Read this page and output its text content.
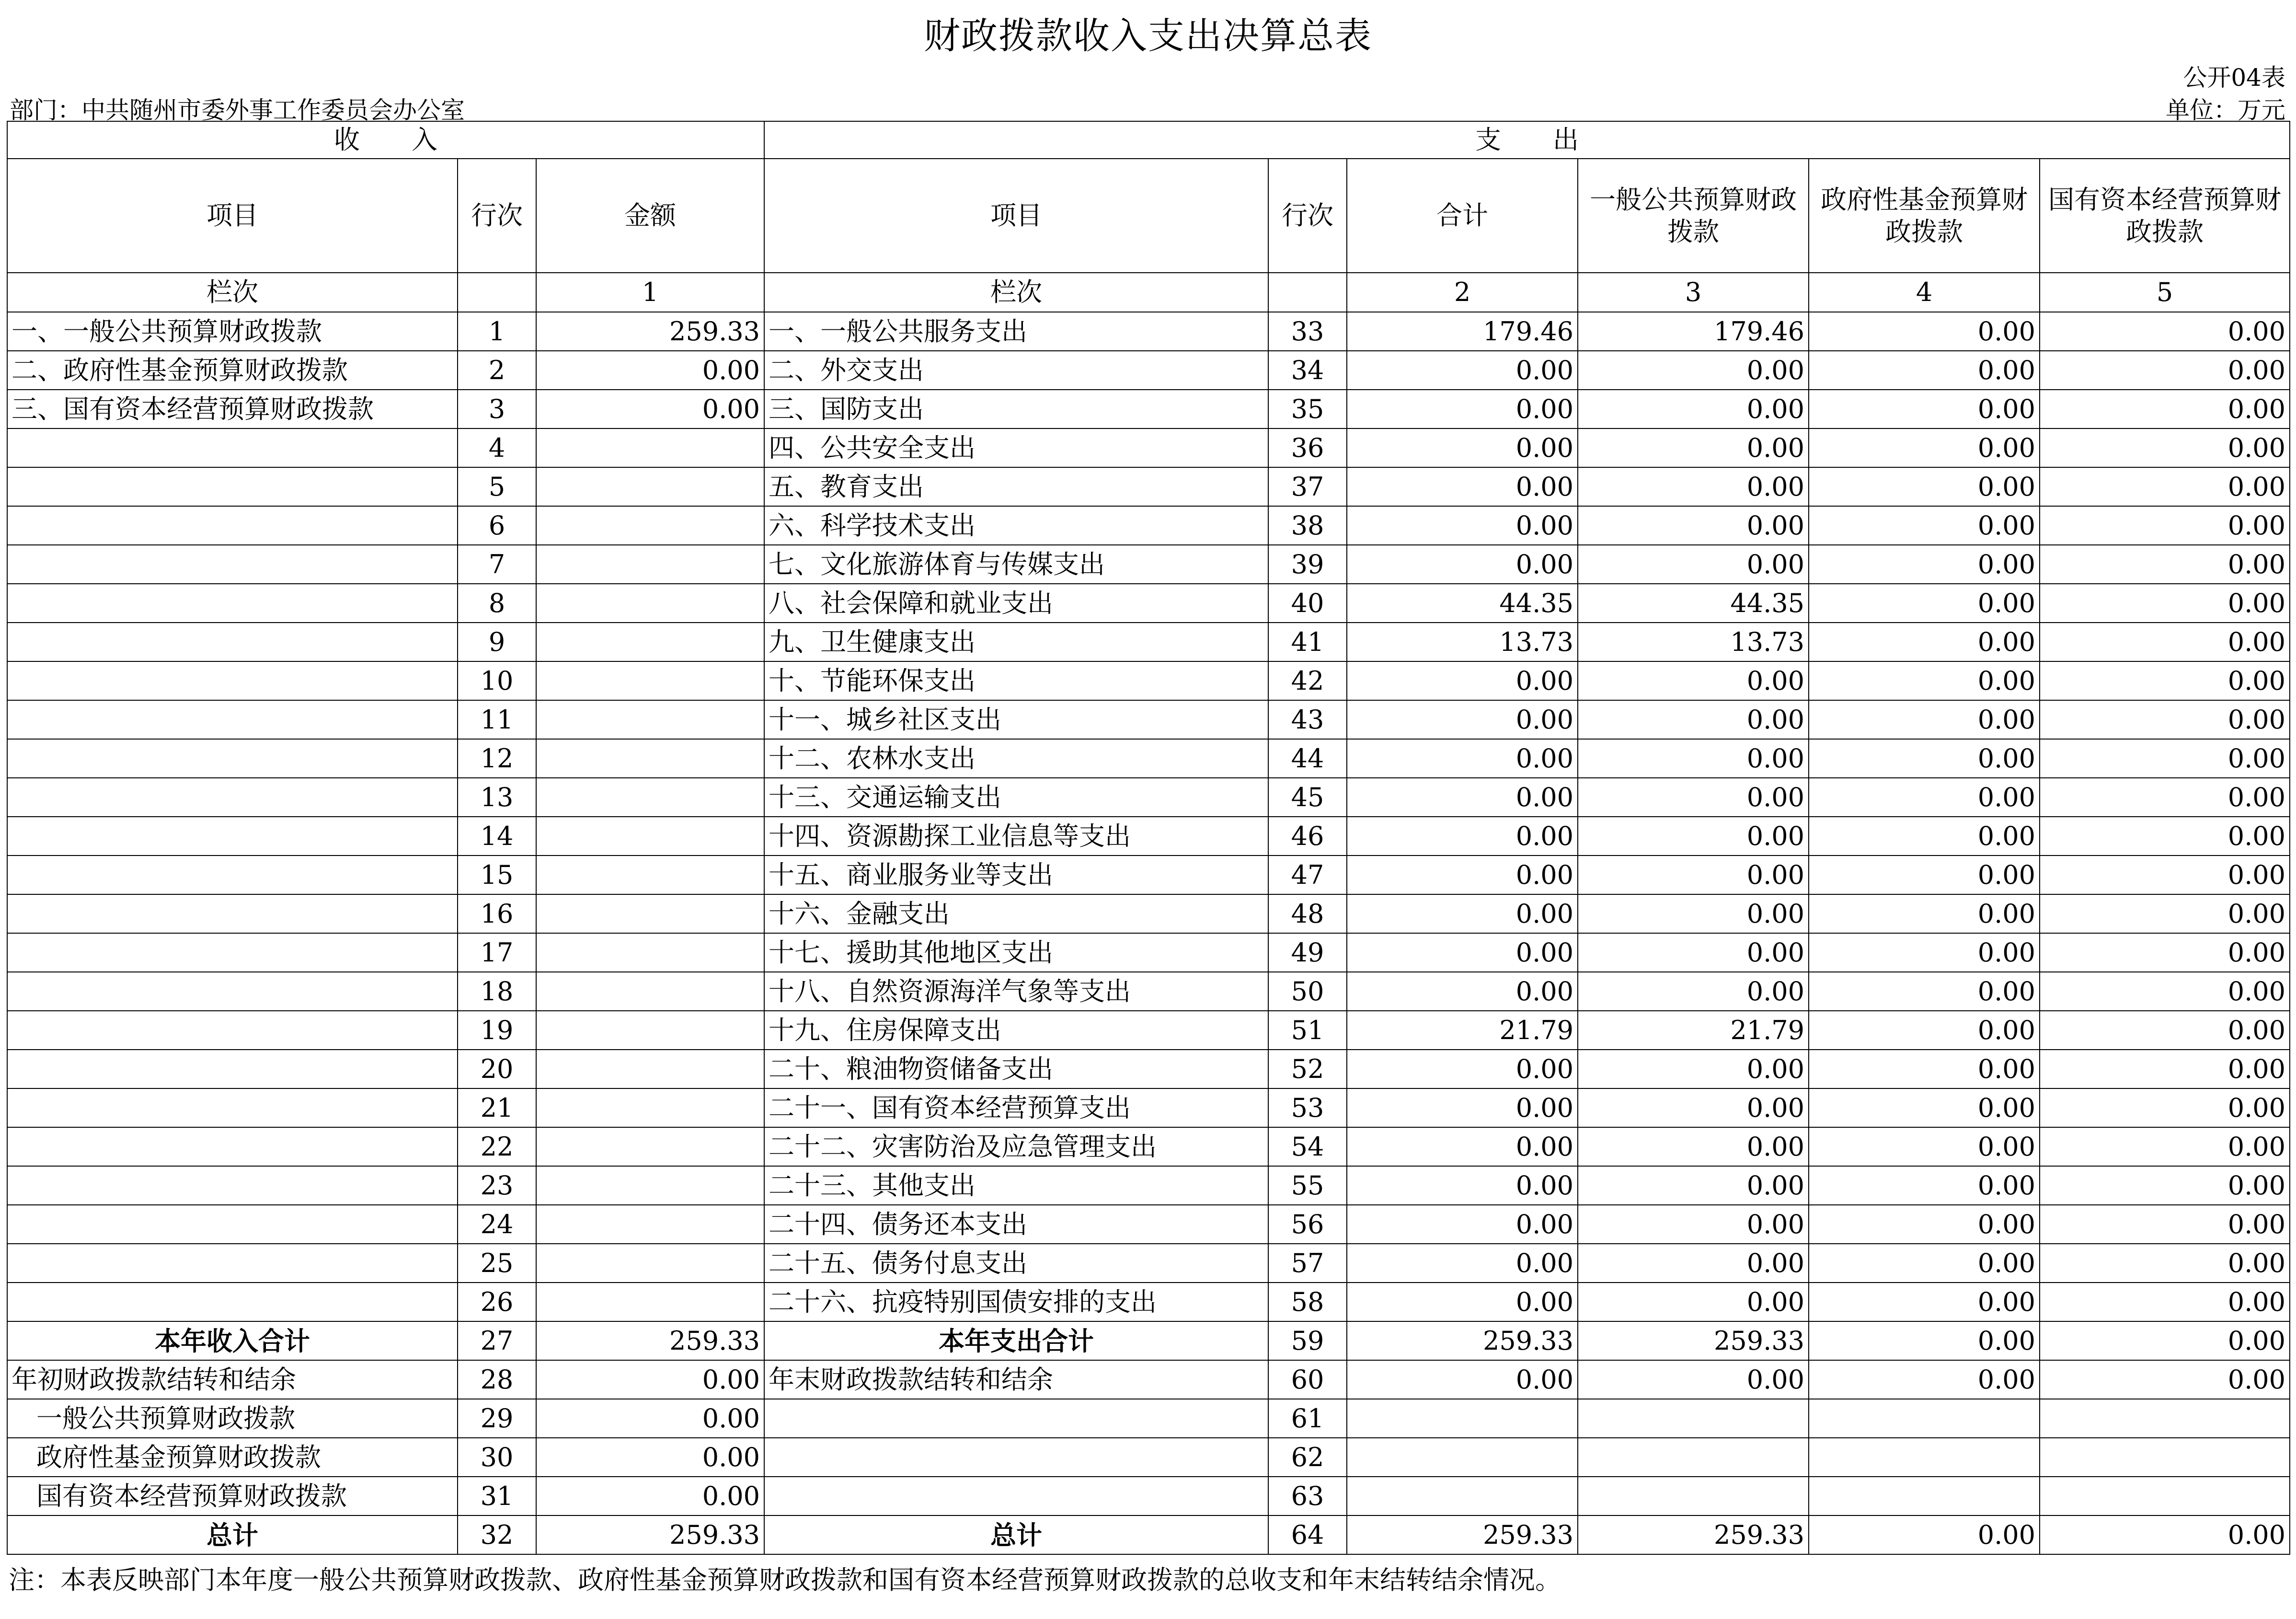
财政拨款收入支出决算总表
公开04表
部门：中共随州市委外事工作委员会办公室	单位：万元
收　　入			支　　出					
项目	行次	金额	项目	行次	合计	一般公共预算财政拨款	政府性基金预算财政拨款	国有资本经营预算财政拨款
栏次		1	栏次		2	3	4	5
一、一般公共预算财政拨款	1	259.33	一、一般公共服务支出	33	179.46	179.46	0.00	0.00
二、政府性基金预算财政拨款	2	0.00	二、外交支出	34	0.00	0.00	0.00	0.00
三、国有资本经营预算财政拨款	3	0.00	三、国防支出	35	0.00	0.00	0.00	0.00
	4		四、公共安全支出	36	0.00	0.00	0.00	0.00
	5		五、教育支出	37	0.00	0.00	0.00	0.00
	6		六、科学技术支出	38	0.00	0.00	0.00	0.00
	7		七、文化旅游体育与传媒支出	39	0.00	0.00	0.00	0.00
	8		八、社会保障和就业支出	40	44.35	44.35	0.00	0.00
	9		九、卫生健康支出	41	13.73	13.73	0.00	0.00
	10		十、节能环保支出	42	0.00	0.00	0.00	0.00
	11		十一、城乡社区支出	43	0.00	0.00	0.00	0.00
	12		十二、农林水支出	44	0.00	0.00	0.00	0.00
	13		十三、交通运输支出	45	0.00	0.00	0.00	0.00
	14		十四、资源勘探工业信息等支出	46	0.00	0.00	0.00	0.00
	15		十五、商业服务业等支出	47	0.00	0.00	0.00	0.00
	16		十六、金融支出	48	0.00	0.00	0.00	0.00
	17		十七、援助其他地区支出	49	0.00	0.00	0.00	0.00
	18		十八、自然资源海洋气象等支出	50	0.00	0.00	0.00	0.00
	19		十九、住房保障支出	51	21.79	21.79	0.00	0.00
	20		二十、粮油物资储备支出	52	0.00	0.00	0.00	0.00
	21		二十一、国有资本经营预算支出	53	0.00	0.00	0.00	0.00
	22		二十二、灾害防治及应急管理支出	54	0.00	0.00	0.00	0.00
	23		二十三、其他支出	55	0.00	0.00	0.00	0.00
	24		二十四、债务还本支出	56	0.00	0.00	0.00	0.00
	25		二十五、债务付息支出	57	0.00	0.00	0.00	0.00
	26		二十六、抗疫特别国债安排的支出	58	0.00	0.00	0.00	0.00
本年收入合计	27	259.33	本年支出合计	59	259.33	259.33	0.00	0.00
年初财政拨款结转和结余	28	0.00	年末财政拨款结转和结余	60	0.00	0.00	0.00	0.00
一般公共预算财政拨款	29	0.00		61				
政府性基金预算财政拨款	30	0.00		62				
国有资本经营预算财政拨款	31	0.00		63				
总计	32	259.33	总计	64	259.33	259.33	0.00	0.00
注：本表反映部门本年度一般公共预算财政拨款、政府性基金预算财政拨款和国有资本经营预算财政拨款的总收支和年末结转结余情况。
